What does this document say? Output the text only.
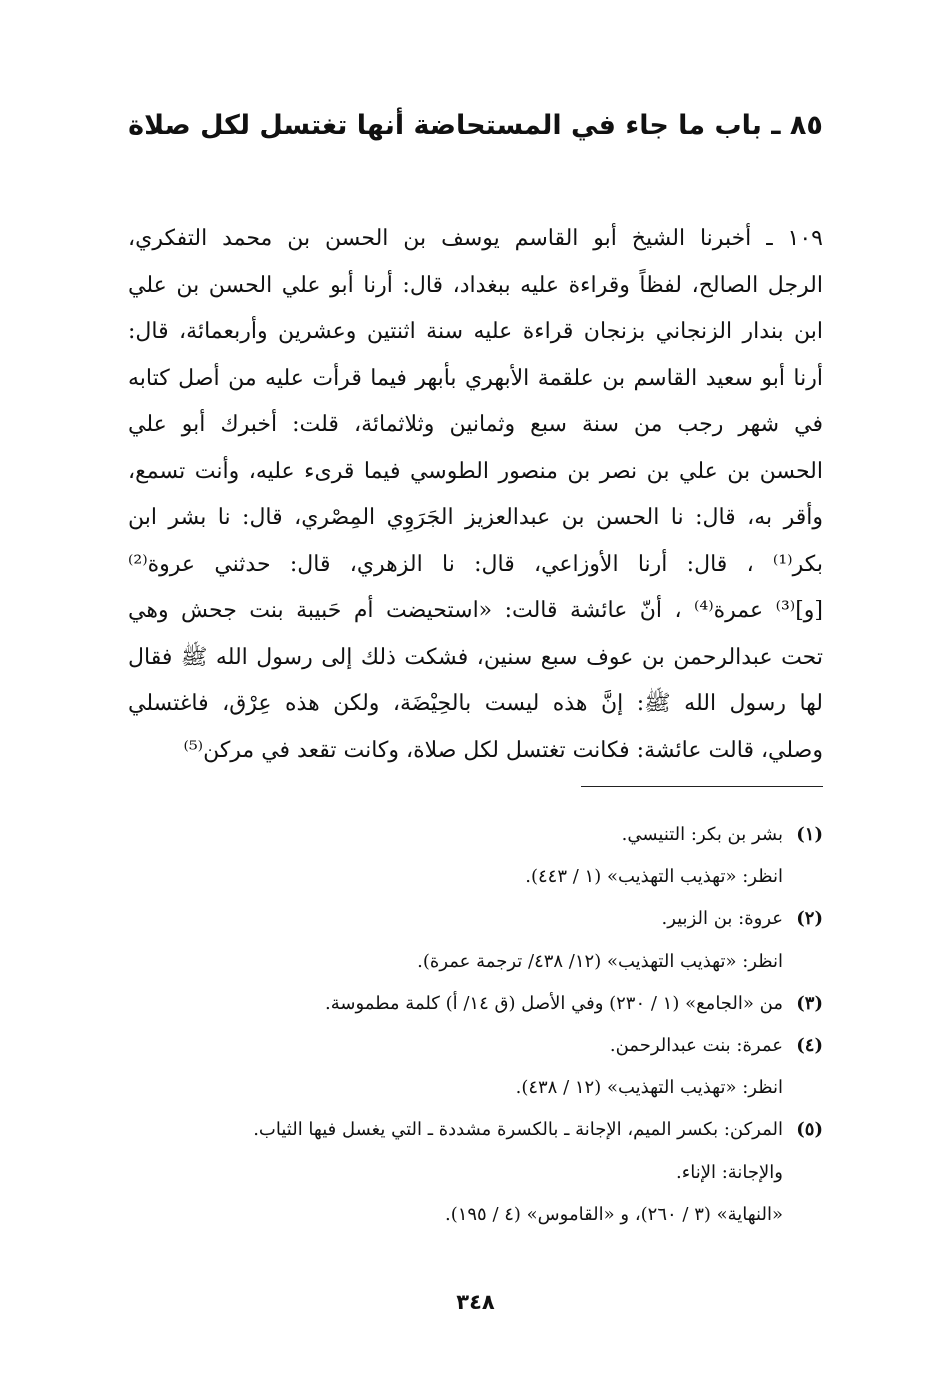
٨٥ ـ باب ما جاء في المستحاضة أنها تغتسل لكل صلاة
١٠٩ ـ أخبرنا الشيخ أبو القاسم يوسف بن الحسن بن محمد التفكري،
الرجل الصالح، لفظاً وقراءة عليه ببغداد، قال: أرنا أبو علي الحسن بن علي
ابن بندار الزنجاني بزنجان قراءة عليه سنة اثنتين وعشرين وأربعمائة، قال:
أرنا أبو سعيد القاسم بن علقمة الأبهري بأبهر فيما قرأت عليه من أصل كتابه
في شهر رجب من سنة سبع وثمانين وثلاثمائة، قلت: أخبرك أبو علي
الحسن بن علي بن نصر بن منصور الطوسي فيما قرىء عليه، وأنت تسمع،
وأقر به، قال: نا الحسن بن عبدالعزيز الجَرَوِي المِصْري، قال: نا بشر ابن
بكر⁽¹⁾ ، قال: أرنا الأوزاعي، قال: نا الزهري، قال: حدثني عروة⁽²⁾
[و]⁽³⁾ عمرة⁽⁴⁾ ، أنّ عائشة قالت: «استحيضت أم حَبيبة بنت جحش وهي
تحت عبدالرحمن بن عوف سبع سنين، فشكت ذلك إلى رسول الله ﷺ فقال
لها رسول الله ﷺ: إنَّ هذه ليست بالحِيْضَة، ولكن هذه عِرْق، فاغتسلي
وصلي، قالت عائشة: فكانت تغتسل لكل صلاة، وكانت تقعد في مركن⁽⁵⁾
(١)بشر بن بكر: التنيسي.
انظر: «تهذيب التهذيب» (١ / ٤٤٣).
(٢)عروة: بن الزبير.
انظر: «تهذيب التهذيب» (١٢/ ٤٣٨/ ترجمة عمرة).
(٣)من «الجامع» (١ / ٢٣٠) وفي الأصل (ق ١٤/ أ) كلمة مطموسة.
(٤)عمرة: بنت عبدالرحمن.
انظر: «تهذيب التهذيب» (١٢ / ٤٣٨).
(٥)المركن: بكسر الميم، الإجانة ـ بالكسرة مشددة ـ التي يغسل فيها الثياب.
والإجانة: الإناء.
«النهاية» (٣ / ٢٦٠)، و «القاموس» (٤ / ١٩٥).
٣٤٨
